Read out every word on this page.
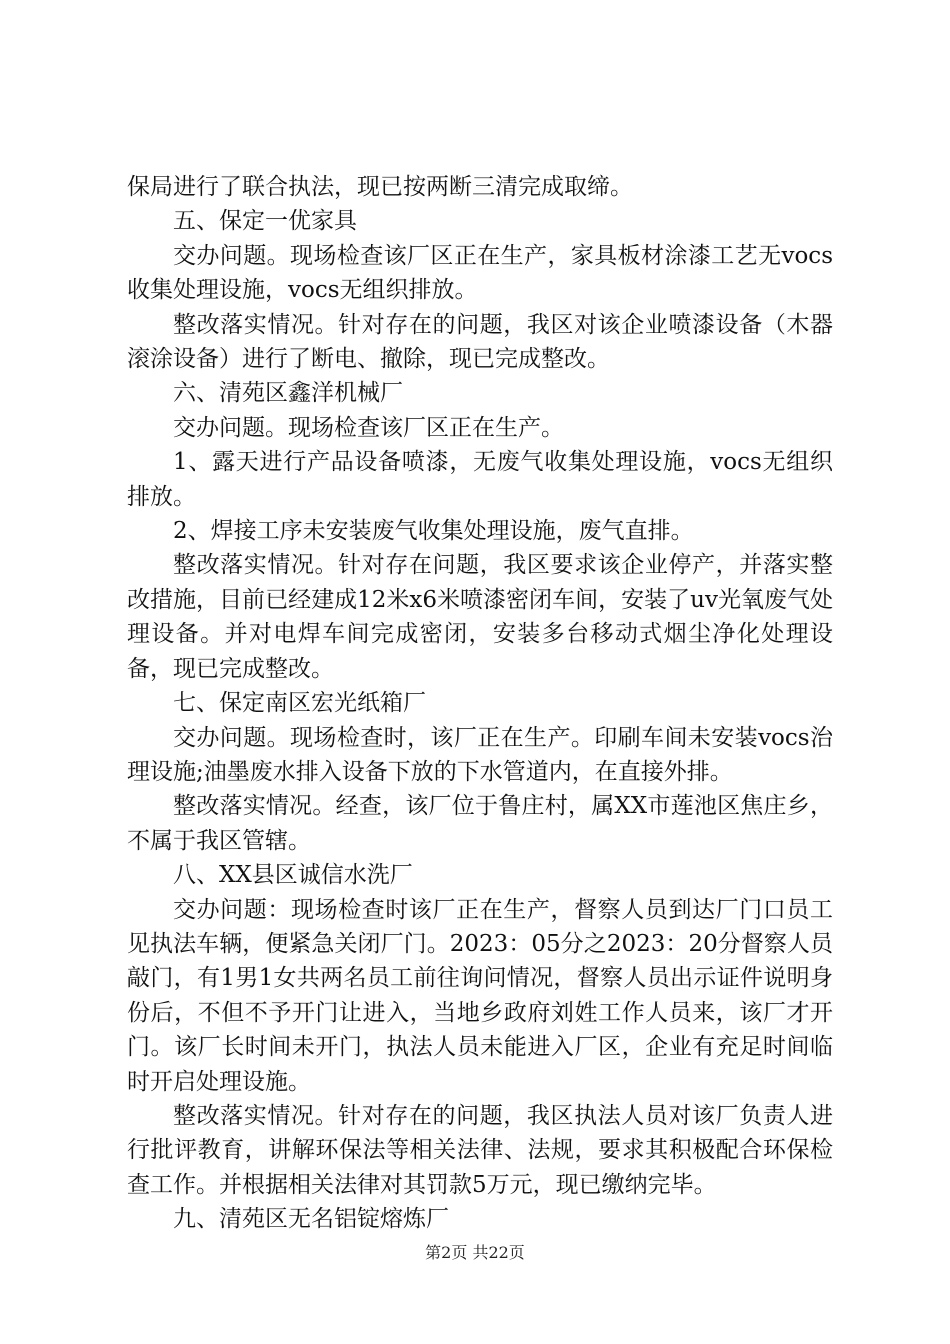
保局进行了联合执法，现已按两断三清完成取缔。

五、保定一优家具

交办问题。现场检查该厂区正在生产，家具板材涂漆工艺无vocs收集处理设施，vocs无组织排放。

整改落实情况。针对存在的问题，我区对该企业喷漆设备（木器滚涂设备）进行了断电、撤除，现已完成整改。

六、清苑区鑫洋机械厂

交办问题。现场检查该厂区正在生产。

1、露天进行产品设备喷漆，无废气收集处理设施，vocs无组织排放。

2、焊接工序未安装废气收集处理设施，废气直排。

整改落实情况。针对存在问题，我区要求该企业停产，并落实整改措施，目前已经建成12米x6米喷漆密闭车间，安装了uv光氧废气处理设备。并对电焊车间完成密闭，安装多台移动式烟尘净化处理设备，现已完成整改。

七、保定南区宏光纸箱厂

交办问题。现场检查时，该厂正在生产。印刷车间未安装vocs治理设施;油墨废水排入设备下放的下水管道内，在直接外排。

整改落实情况。经查，该厂位于鲁庄村，属XX市莲池区焦庄乡，不属于我区管辖。

八、XX县区诚信水洗厂

交办问题：现场检查时该厂正在生产，督察人员到达厂门口员工见执法车辆，便紧急关闭厂门。2023：05分之2023：20分督察人员敲门，有1男1女共两名员工前往询问情况，督察人员出示证件说明身份后，不但不予开门让进入，当地乡政府刘姓工作人员来，该厂才开门。该厂长时间未开门，执法人员未能进入厂区，企业有充足时间临时开启处理设施。

整改落实情况。针对存在的问题，我区执法人员对该厂负责人进行批评教育，讲解环保法等相关法律、法规，要求其积极配合环保检查工作。并根据相关法律对其罚款5万元，现已缴纳完毕。

九、清苑区无名铝锭熔炼厂

第2页 共22页
